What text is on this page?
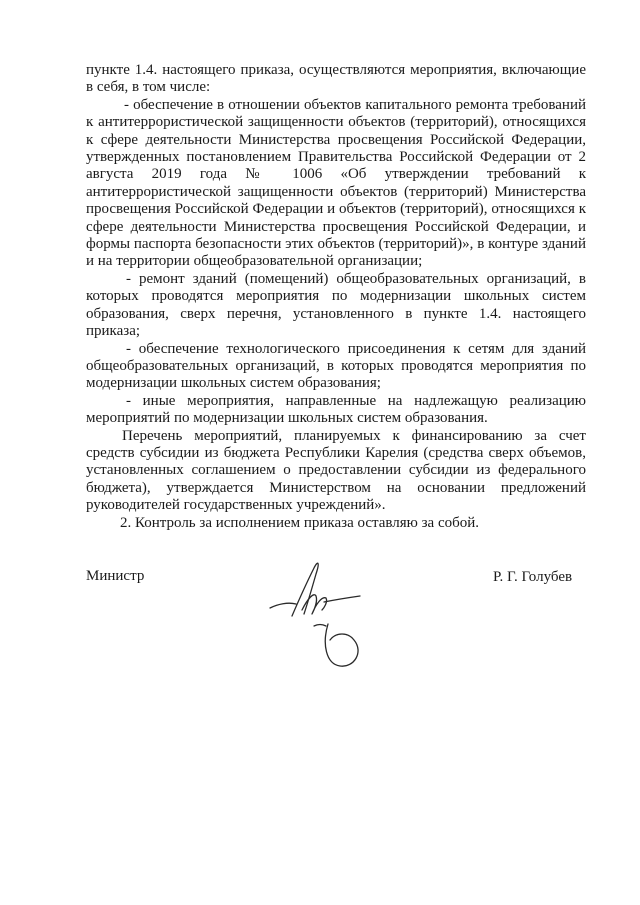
пункте 1.4. настоящего приказа, осуществляются мероприятия, включающие в себя, в том числе:

- обеспечение в отношении объектов капитального ремонта требований к антитеррористической защищенности объектов (территорий), относящихся к сфере деятельности Министерства просвещения Российской Федерации, утвержденных постановлением Правительства Российской Федерации от 2 августа 2019 года № 1006 «Об утверждении требований к антитеррористической защищенности объектов (территорий) Министерства просвещения Российской Федерации и объектов (территорий), относящихся к сфере деятельности Министерства просвещения Российской Федерации, и формы паспорта безопасности этих объектов (территорий)», в контуре зданий и на территории общеобразовательной организации;

- ремонт зданий (помещений) общеобразовательных организаций, в которых проводятся мероприятия по модернизации школьных систем образования, сверх перечня, установленного в пункте 1.4. настоящего приказа;

- обеспечение технологического присоединения к сетям для зданий общеобразовательных организаций, в которых проводятся мероприятия по модернизации школьных систем образования;

- иные мероприятия, направленные на надлежащую реализацию мероприятий по модернизации школьных систем образования.

Перечень мероприятий, планируемых к финансированию за счет средств субсидии из бюджета Республики Карелия (средства сверх объемов, установленных соглашением о предоставлении субсидии из федерального бюджета), утверждается Министерством на основании предложений руководителей государственных учреждений».

2. Контроль за исполнением приказа оставляю за собой.

Министр	Р. Г. Голубев
